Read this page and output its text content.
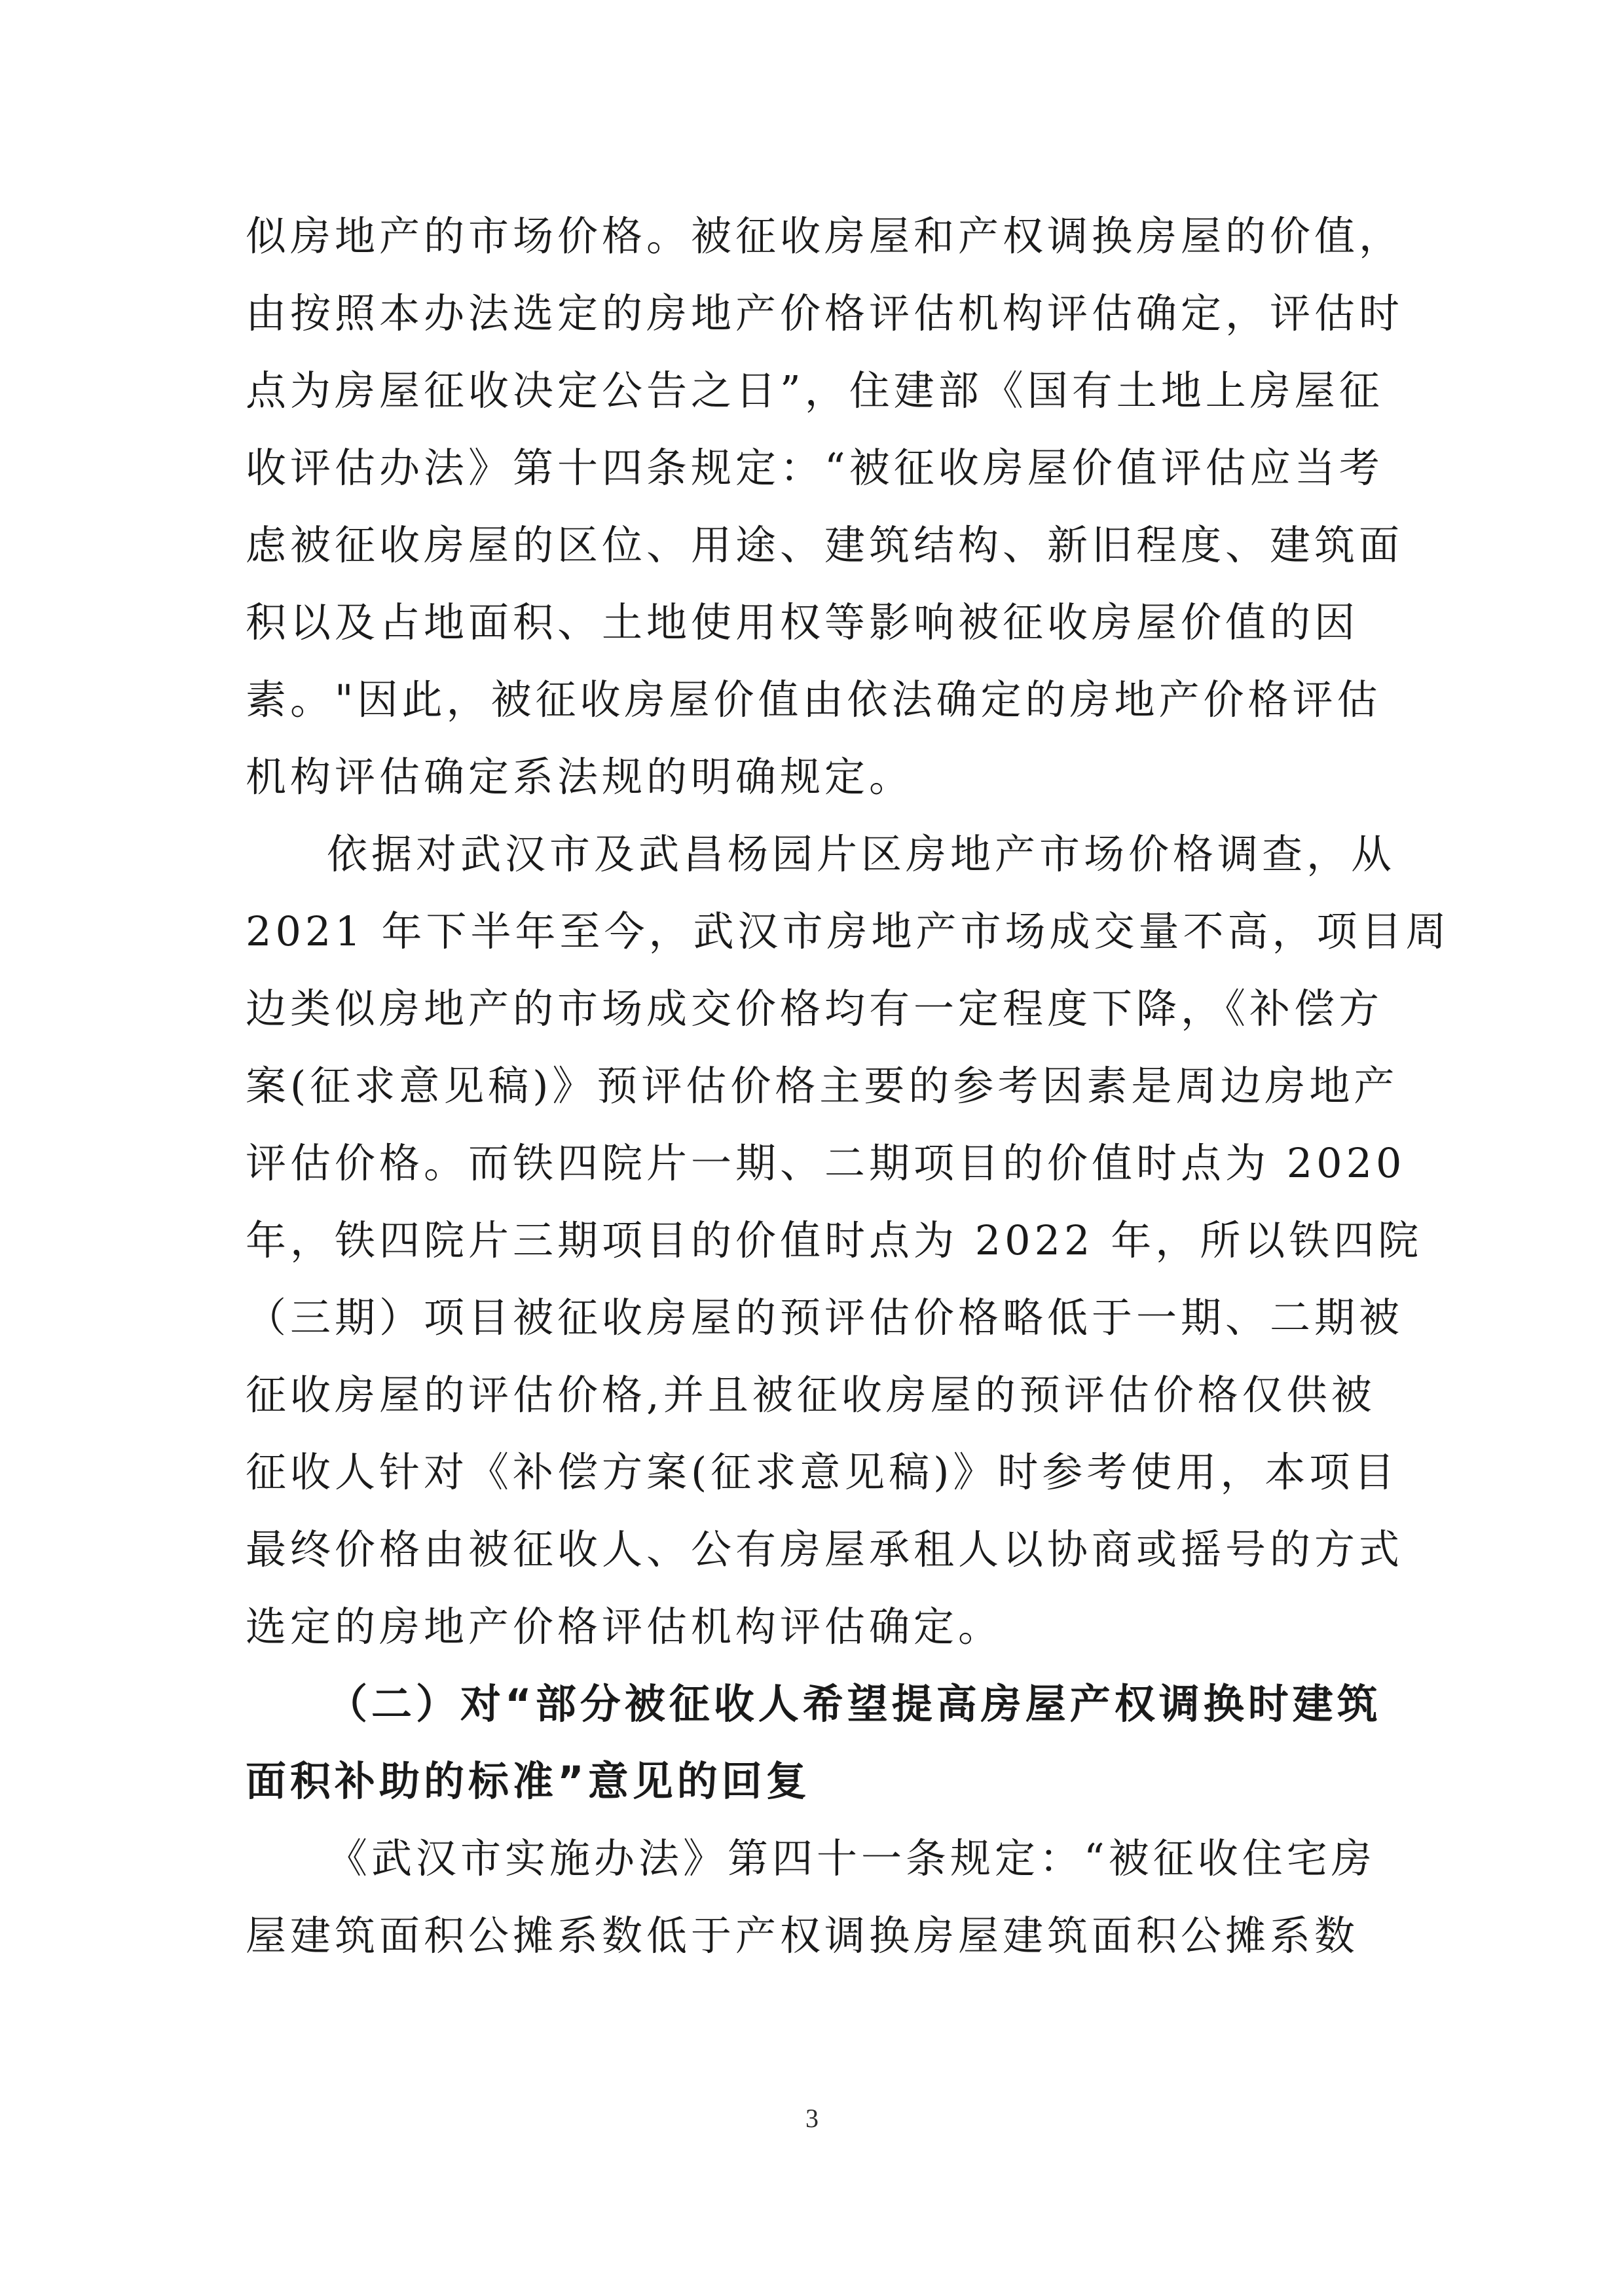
似房地产的市场价格。被征收房屋和产权调换房屋的价值，
由按照本办法选定的房地产价格评估机构评估确定，评估时
点为房屋征收决定公告之日”，住建部《国有土地上房屋征
收评估办法》第十四条规定：“被征收房屋价值评估应当考
虑被征收房屋的区位、用途、建筑结构、新旧程度、建筑面
积以及占地面积、土地使用权等影响被征收房屋价值的因
素。"因此，被征收房屋价值由依法确定的房地产价格评估
机构评估确定系法规的明确规定。
依据对武汉市及武昌杨园片区房地产市场价格调查，从
2021 年下半年至今，武汉市房地产市场成交量不高，项目周
边类似房地产的市场成交价格均有一定程度下降，《补偿方
案(征求意见稿)》预评估价格主要的参考因素是周边房地产
评估价格。而铁四院片一期、二期项目的价值时点为 2020
年，铁四院片三期项目的价值时点为 2022 年，所以铁四院
（三期）项目被征收房屋的预评估价格略低于一期、二期被
征收房屋的评估价格,并且被征收房屋的预评估价格仅供被
征收人针对《补偿方案(征求意见稿)》时参考使用，本项目
最终价格由被征收人、公有房屋承租人以协商或摇号的方式
选定的房地产价格评估机构评估确定。
（二）对“部分被征收人希望提高房屋产权调换时建筑
面积补助的标准”意见的回复
《武汉市实施办法》第四十一条规定：“被征收住宅房
屋建筑面积公摊系数低于产权调换房屋建筑面积公摊系数
3
